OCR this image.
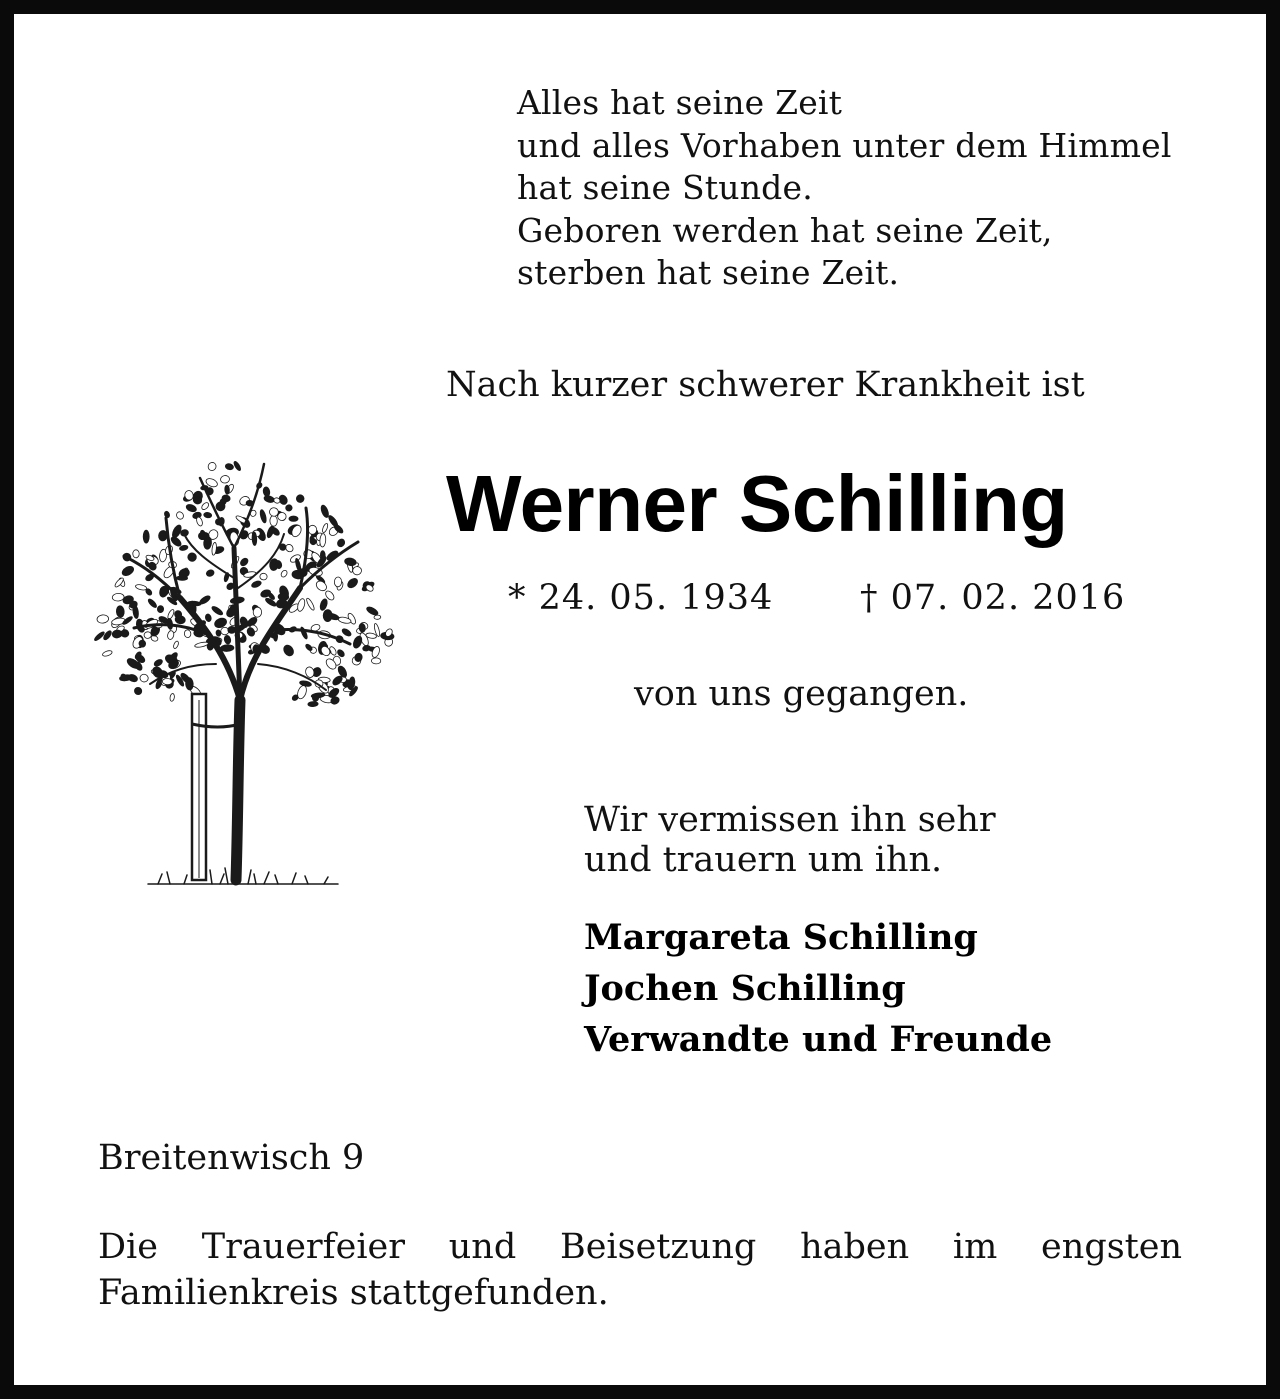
Alles hat seine Zeit
und alles Vorhaben unter dem Himmel
hat seine Stunde.
Geboren werden hat seine Zeit,
sterben hat seine Zeit.
Nach kurzer schwerer Krankheit ist
Werner Schilling
* 24. 05. 1934 † 07. 02. 2016
von uns gegangen.
Wir vermissen ihn sehr
und trauern um ihn.
Margareta Schilling
Jochen Schilling
Verwandte und Freunde
Breitenwisch 9
Die Trauerfeier und Beisetzung haben im engsten
Familienkreis stattgefunden.
